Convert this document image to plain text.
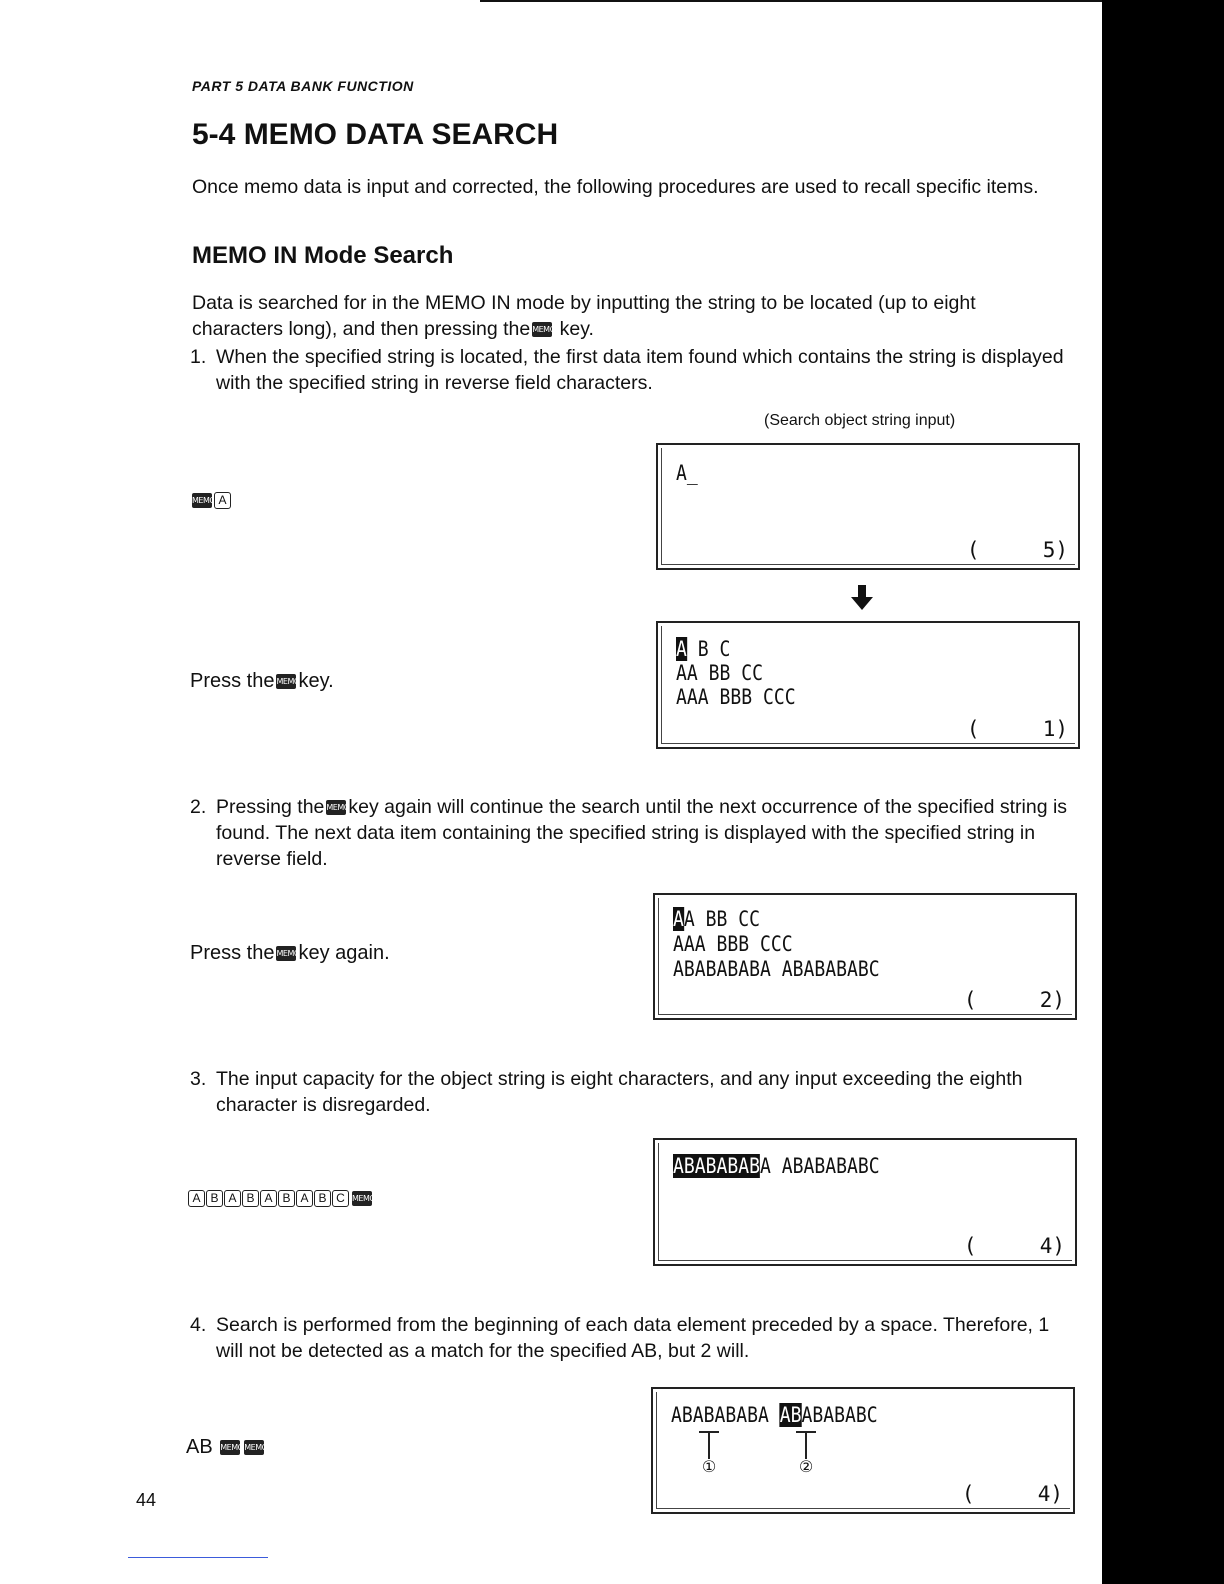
PART 5 DATA BANK FUNCTION
5-4 MEMO DATA SEARCH

Once memo data is input and corrected, the following procedures are used to recall specific items.

MEMO IN Mode Search

Data is searched for in the MEMO IN mode by inputting the string to be located (up to eight
characters long), and then pressing the MEMO key.

1. When the specified string is located, the first data item found which contains the string is displayed with the specified string in reverse field characters.
(Search object string input)
MEMO A
A_
(	5)
Press the MEMOkey.
A B C
AA BB CC
AAA BBB CCC
(	1)
2. Pressing the MEMOkey again will continue the search until the next occurrence of the specified string is found. The next data item containing the specified string is displayed with the specified string in reverse field.
Press the MEMOkey again.
AA BB CC
AAA BBB CCC
ABABABABA ABABABABC
(	2)
3. The input capacity for the object string is eight characters, and any input exceeding the eighth character is disregarded.
A B A B A B A B C MEMO
ABABABABA ABABABABC
(	4)
4. Search is performed from the beginning of each data element preceded by a space. Therefore, 1 will not be detected as a match for the specified AB, but 2 will.
AB MEMOMEMO
ABABABABA ABABABABC
①	②
(	4)
44
